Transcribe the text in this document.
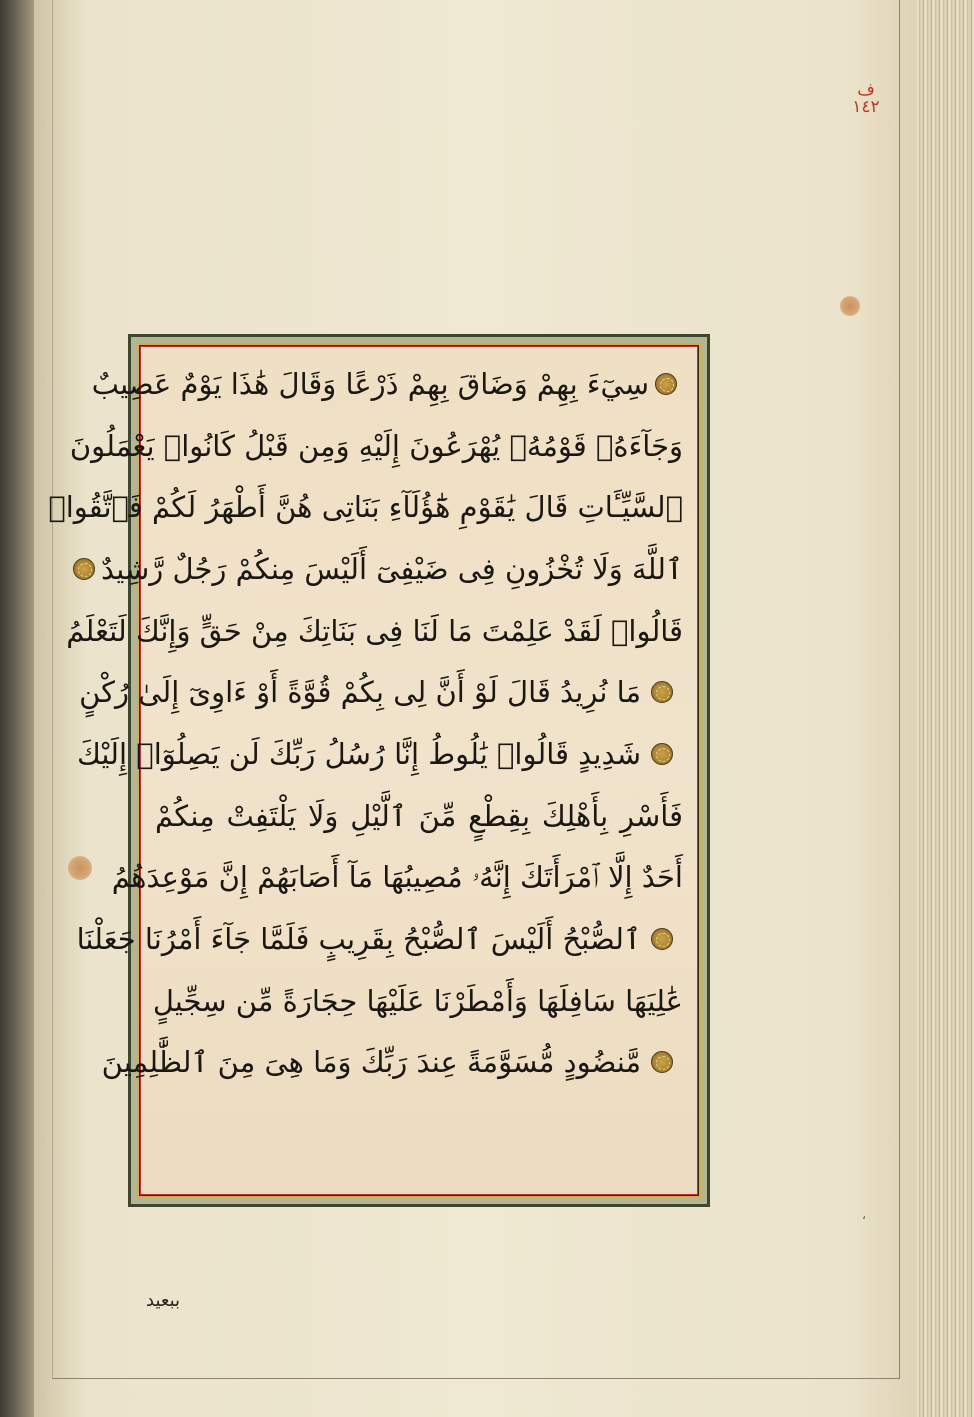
ف
١٤٢
سِيٓءَ بِهِمْ وَضَاقَ بِهِمْ ذَرْعًا وَقَالَ هَٰذَا يَوْمٌ عَصِيبٌ
وَجَآءَهُۥ قَوْمُهُۥ يُهْرَعُونَ إِلَيْهِ وَمِن قَبْلُ كَانُوا۟ يَعْمَلُونَ
ٱلسَّيِّـَٔاتِ قَالَ يَٰقَوْمِ هَٰٓؤُلَآءِ بَنَاتِى هُنَّ أَطْهَرُ لَكُمْ فَٱتَّقُوا۟
ٱللَّهَ وَلَا تُخْزُونِ فِى ضَيْفِىٓ أَلَيْسَ مِنكُمْ رَجُلٌ رَّشِيدٌ
قَالُوا۟ لَقَدْ عَلِمْتَ مَا لَنَا فِى بَنَاتِكَ مِنْ حَقٍّ وَإِنَّكَ لَتَعْلَمُ
مَا نُرِيدُ قَالَ لَوْ أَنَّ لِى بِكُمْ قُوَّةً أَوْ ءَاوِىٓ إِلَىٰ رُكْنٍ
شَدِيدٍ قَالُوا۟ يَٰلُوطُ إِنَّا رُسُلُ رَبِّكَ لَن يَصِلُوٓا۟ إِلَيْكَ
فَأَسْرِ بِأَهْلِكَ بِقِطْعٍ مِّنَ ٱلَّيْلِ وَلَا يَلْتَفِتْ مِنكُمْ
أَحَدٌ إِلَّا ٱمْرَأَتَكَ إِنَّهُۥ مُصِيبُهَا مَآ أَصَابَهُمْ إِنَّ مَوْعِدَهُمُ
ٱلصُّبْحُ أَلَيْسَ ٱلصُّبْحُ بِقَرِيبٍ فَلَمَّا جَآءَ أَمْرُنَا جَعَلْنَا
عَٰلِيَهَا سَافِلَهَا وَأَمْطَرْنَا عَلَيْهَا حِجَارَةً مِّن سِجِّيلٍ
مَّنضُودٍ مُّسَوَّمَةً عِندَ رَبِّكَ وَمَا هِىَ مِنَ ٱلظَّٰلِمِينَ
،
ببعيد
